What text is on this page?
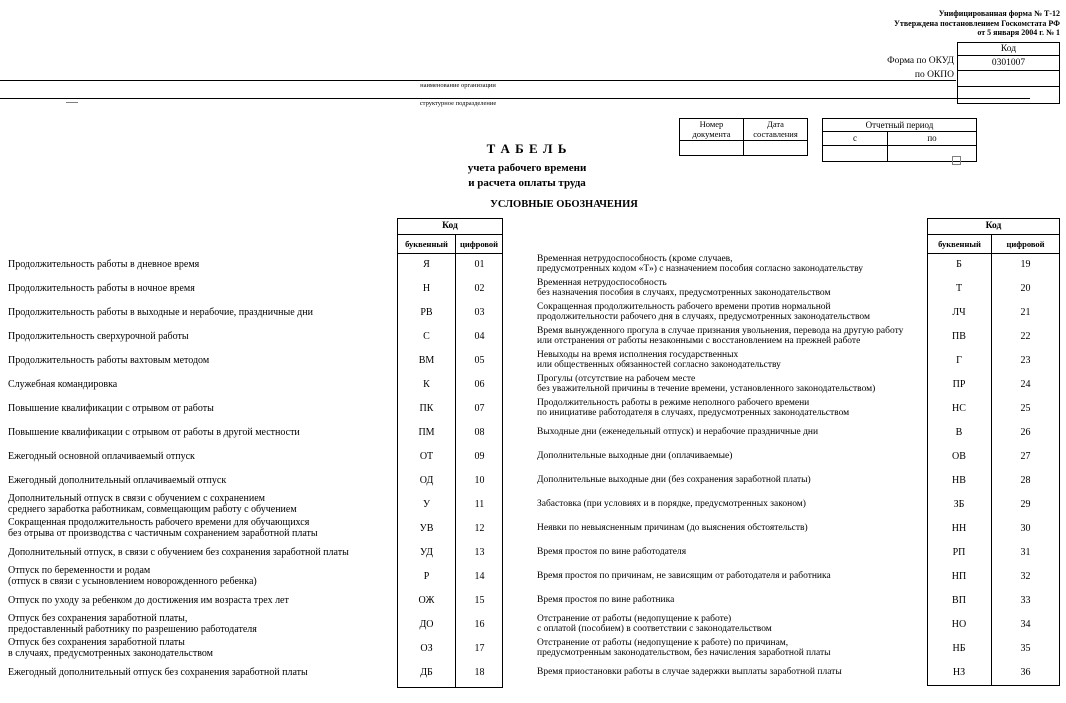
Унифицированная форма № Т-12
Утверждена постановлением Госкомстата РФ
от 5 января 2004 г. № 1
Форма по ОКУД
по ОКПО
Код
0301007
наименование организации
структурное подразделение
Номер документа
Дата составления
Отчетный период
с	по
Т А Б Е Л Ь
учета рабочего времени
и расчета оплаты труда
УСЛОВНЫЕ ОБОЗНАЧЕНИЯ
Код
буквенный	цифровой
Код
буквенный	цифровой
Продолжительность работы в дневное время	Я	01	Временная нетрудоспособность (кроме случаев,
предусмотренных кодом «Т») с назначением пособия согласно законодательству	Б	19
Продолжительность работы в ночное время	Н	02	Временная нетрудоспособность
без назначения пособия в случаях, предусмотренных законодательством	Т	20
Продолжительность работы в выходные и нерабочие, праздничные дни	РВ	03	Сокращенная продолжительность рабочего времени против нормальной
продолжительности рабочего дня в случаях, предусмотренных законодательством	ЛЧ	21
Продолжительность сверхурочной работы	С	04	Время вынужденного прогула в случае признания увольнения, перевода на другую работу
или отстранения от работы незаконными с восстановлением на прежней работе	ПВ	22
Продолжительность работы вахтовым методом	ВМ	05	Невыходы на время исполнения государственных
или общественных обязанностей согласно законодательству	Г	23
Служебная командировка	К	06	Прогулы (отсутствие на рабочем месте
без уважительной причины в течение времени, установленного законодательством)	ПР	24
Повышение квалификации с отрывом от работы	ПК	07	Продолжительность работы в режиме неполного рабочего времени
по инициативе работодателя в случаях, предусмотренных законодательством	НС	25
Повышение квалификации с отрывом от работы в другой местности	ПМ	08	Выходные дни (еженедельный отпуск) и нерабочие праздничные дни	В	26
Ежегодный основной оплачиваемый отпуск	ОТ	09	Дополнительные выходные дни (оплачиваемые)	ОВ	27
Ежегодный дополнительный оплачиваемый отпуск	ОД	10	Дополнительные выходные дни (без сохранения заработной платы)	НВ	28
Дополнительный отпуск в связи с обучением с сохранением
среднего заработка работникам, совмещающим работу с обучением	У	11	Забастовка (при условиях и в порядке, предусмотренных законом)	ЗБ	29
Сокращенная продолжительность рабочего времени для обучающихся
без отрыва от производства с частичным сохранением заработной платы	УВ	12	Неявки по невыясненным причинам (до выяснения обстоятельств)	НН	30
Дополнительный отпуск, в связи с обучением без сохранения заработной платы	УД	13	Время простоя по вине работодателя	РП	31
Отпуск по беременности и родам
(отпуск в связи с усыновлением новорожденного ребенка)	Р	14	Время простоя по причинам, не зависящим от работодателя и работника	НП	32
Отпуск по уходу за ребенком до достижения им возраста трех лет	ОЖ	15	Время простоя по вине работника	ВП	33
Отпуск без сохранения заработной платы,
предоставленный работнику по разрешению работодателя	ДО	16	Отстранение от работы (недопущение к работе)
с оплатой (пособием) в соответствии с законодательством	НО	34
Отпуск без сохранения заработной платы
в случаях, предусмотренных законодательством	ОЗ	17	Отстранение от работы (недопущение к работе) по причинам,
предусмотренным законодательством, без начисления заработной платы	НБ	35
Ежегодный дополнительный отпуск без сохранения заработной платы	ДБ	18	Время приостановки работы в случае задержки выплаты заработной платы	НЗ	36
